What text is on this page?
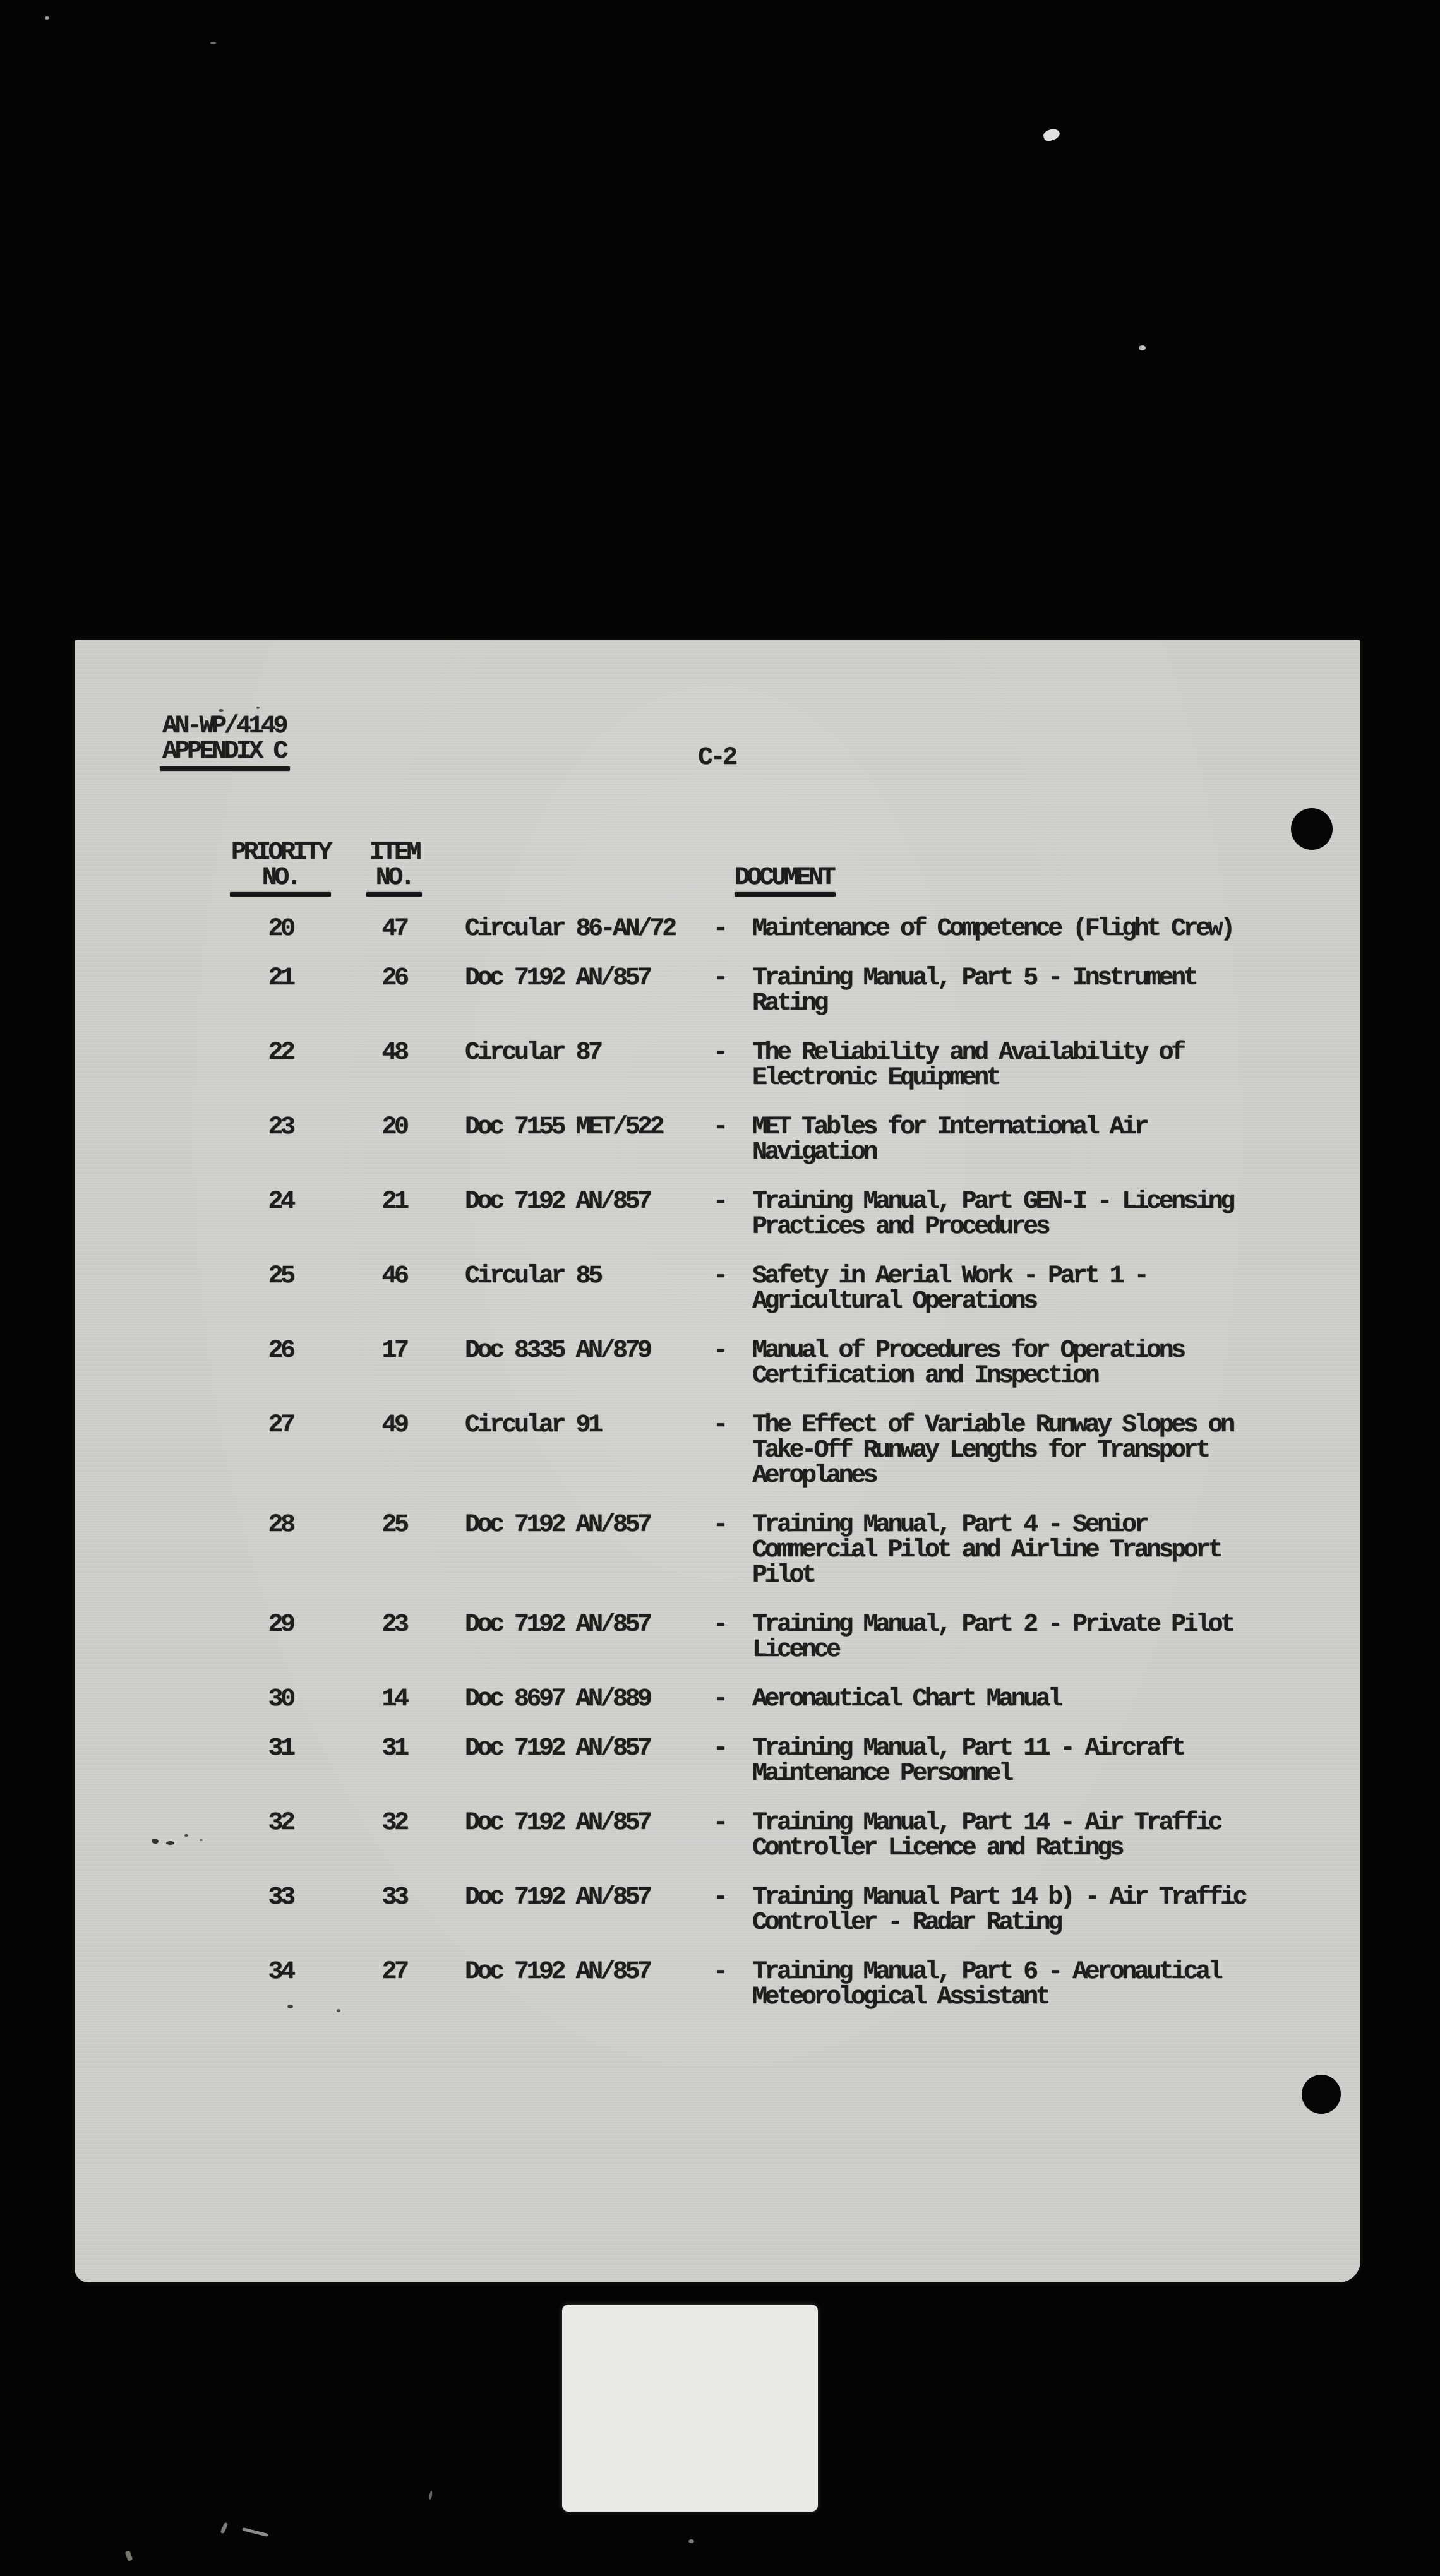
AN-WP/4149
APPENDIX C	C-2
PRIORITY	ITEM
NO.	NO.	DOCUMENT
20	47	Circular 86-AN/72	-	Maintenance of Competence (Flight Crew)
21	26	Doc 7192 AN/857	-	Training Manual, Part 5 - Instrument
Rating
22	48	Circular 87	-	The Reliability and Availability of
Electronic Equipment
23	20	Doc 7155 MET/522	-	MET Tables for International Air
Navigation
24	21	Doc 7192 AN/857	-	Training Manual, Part GEN-I - Licensing
Practices and Procedures
25	46	Circular 85	-	Safety in Aerial Work - Part 1 -
Agricultural Operations
26	17	Doc 8335 AN/879	-	Manual of Procedures for Operations
Certification and Inspection
27	49	Circular 91	-	The Effect of Variable Runway Slopes on
Take-Off Runway Lengths for Transport
Aeroplanes
28	25	Doc 7192 AN/857	-	Training Manual, Part 4 - Senior
Commercial Pilot and Airline Transport
Pilot
29	23	Doc 7192 AN/857	-	Training Manual, Part 2 - Private Pilot
Licence
30	14	Doc 8697 AN/889	-	Aeronautical Chart Manual
31	31	Doc 7192 AN/857	-	Training Manual, Part 11 - Aircraft
Maintenance Personnel
32	32	Doc 7192 AN/857	-	Training Manual, Part 14 - Air Traffic
Controller Licence and Ratings
33	33	Doc 7192 AN/857	-	Training Manual Part 14 b) - Air Traffic
Controller - Radar Rating
34	27	Doc 7192 AN/857	-	Training Manual, Part 6 - Aeronautical
Meteorological Assistant
